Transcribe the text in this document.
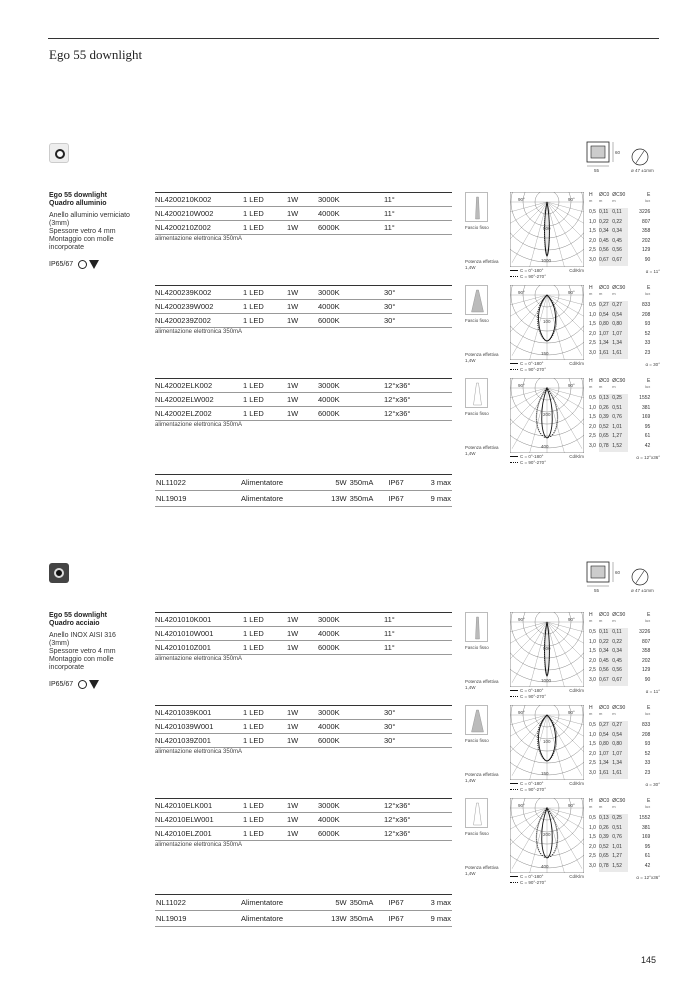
Ego 55 downlight
60
55	ø 47 ±1mm
Ego 55 downlight
Quadro alluminio
Anello alluminio verniciato
(3mm)
Spessore vetro 4 mm
Montaggio con molle
incorporate
IP65/67
NL4200210K002	1 LED	1W	3000K	11°
NL4200210W002	1 LED	1W	4000K	11°
NL4200210Z002	1 LED	1W	6000K	11°
alimentazione elettronica 350mA
Fascio fisso
Potenza effettiva
1,4W
90°	90°
500
1000
C = 0°-180°	Cd/Klm
C = 90°-270°
H	ØC0	ØC90	E
m	m	m	lux

0,5	0,11	0,11	3226
1,0	0,22	0,22	807
1,5	0,34	0,34	358
2,0	0,45	0,45	202
2,5	0,56	0,56	129
3,0	0,67	0,67	90
α = 11°
NL4200239K002	1 LED	1W	3000K	30°
NL4200239W002	1 LED	1W	4000K	30°
NL4200239Z002	1 LED	1W	6000K	30°
alimentazione elettronica 350mA
Fascio fisso
Potenza effettiva
1,4W
90°	90°
100
150
C = 0°-180°	Cd/Klm
C = 90°-270°
H	ØC0	ØC90	E
m	m	m	lux

0,5	0,27	0,27	833
1,0	0,54	0,54	208
1,5	0,80	0,80	93
2,0	1,07	1,07	52
2,5	1,34	1,34	33
3,0	1,61	1,61	23
α = 30°
NL42002ELK002	1 LED	1W	3000K	12°x36°
NL42002ELW002	1 LED	1W	4000K	12°x36°
NL42002ELZ002	1 LED	1W	6000K	12°x36°
alimentazione elettronica 350mA
Fascio fisso
Potenza effettiva
1,4W
90°	90°
200
400
C = 0°-180°	Cd/Klm
C = 90°-270°
H	ØC0	ØC90	E
m	m	m	lux

0,5	0,13	0,25	1552
1,0	0,26	0,51	381
1,5	0,39	0,76	169
2,0	0,52	1,01	95
2,5	0,65	1,27	61
3,0	0,78	1,52	42
α = 12°x36°
NL11022	Alimentatore	5W	350mA	IP67	3 max
NL19019	Alimentatore	13W	350mA	IP67	9 max
60
55	ø 47 ±1mm
Ego 55 downlight
Quadro acciaio
Anello INOX AISI 316
(3mm)
Spessore vetro 4 mm
Montaggio con molle
incorporate
IP65/67
NL4201010K001	1 LED	1W	3000K	11°
NL4201010W001	1 LED	1W	4000K	11°
NL4201010Z001	1 LED	1W	6000K	11°
alimentazione elettronica 350mA
Fascio fisso
Potenza effettiva
1,4W
90°	90°
500
1000
C = 0°-180°	Cd/Klm
C = 90°-270°
H	ØC0	ØC90	E
m	m	m	lux

0,5	0,11	0,11	3226
1,0	0,22	0,22	807
1,5	0,34	0,34	358
2,0	0,45	0,45	202
2,5	0,56	0,56	129
3,0	0,67	0,67	90
α = 11°
NL4201039K001	1 LED	1W	3000K	30°
NL4201039W001	1 LED	1W	4000K	30°
NL4201039Z001	1 LED	1W	6000K	30°
alimentazione elettronica 350mA
Fascio fisso
Potenza effettiva
1,4W
90°	90°
100
150
C = 0°-180°	Cd/Klm
C = 90°-270°
H	ØC0	ØC90	E
m	m	m	lux

0,5	0,27	0,27	833
1,0	0,54	0,54	208
1,5	0,80	0,80	93
2,0	1,07	1,07	52
2,5	1,34	1,34	33
3,0	1,61	1,61	23
α = 30°
NL42010ELK001	1 LED	1W	3000K	12°x36°
NL42010ELW001	1 LED	1W	4000K	12°x36°
NL42010ELZ001	1 LED	1W	6000K	12°x36°
alimentazione elettronica 350mA
Fascio fisso
Potenza effettiva
1,4W
90°	90°
200
400
C = 0°-180°	Cd/Klm
C = 90°-270°
H	ØC0	ØC90	E
m	m	m	lux

0,5	0,13	0,25	1552
1,0	0,26	0,51	381
1,5	0,39	0,76	169
2,0	0,52	1,01	95
2,5	0,65	1,27	61
3,0	0,78	1,52	42
α = 12°x36°
NL11022	Alimentatore	5W	350mA	IP67	3 max
NL19019	Alimentatore	13W	350mA	IP67	9 max
145
